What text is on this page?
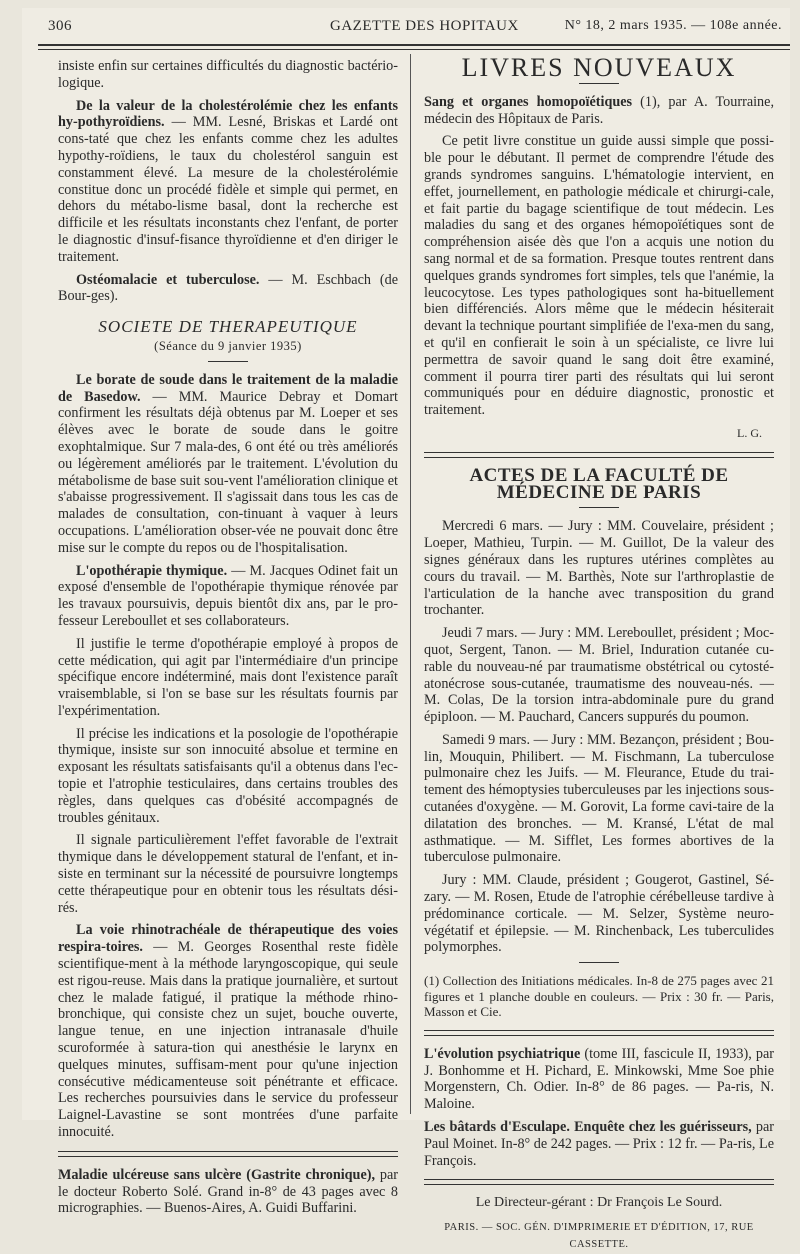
306	GAZETTE DES HOPITAUX	N° 18, 2 mars 1935. — 108e année.

insiste enfin sur certaines difficultés du diagnostic bactério-logique.

De la valeur de la cholestérolémie chez les enfants hy-pothyroïdiens. — MM. Lesné, Briskas et Lardé ont cons-taté que chez les enfants comme chez les adultes hypothy-roïdiens, le taux du cholestérol sanguin est constamment élevé. La mesure de la cholestérolémie constitue donc un procédé fidèle et simple qui permet, en dehors du métabo-lisme basal, dont la recherche est difficile et les résultats inconstants chez l'enfant, de porter le diagnostic d'insuf-fisance thyroïdienne et d'en diriger le traitement.

Ostéomalacie et tuberculose. — M. Eschbach (de Bour-ges).

SOCIETE DE THERAPEUTIQUE
(Séance du 9 janvier 1935)

Le borate de soude dans le traitement de la maladie de Basedow. — MM. Maurice Debray et Domart confirment les résultats déjà obtenus par M. Loeper et ses élèves avec le borate de soude dans le goitre exophtalmique. Sur 7 mala-des, 6 ont été ou très améliorés ou légèrement améliorés par le traitement. L'évolution du métabolisme de base suit sou-vent l'amélioration clinique et s'abaisse progressivement. Il s'agissait dans tous les cas de malades de consultation, con-tinuant à vaquer à leurs occupations. L'amélioration obser-vée ne pouvait donc être mise sur le compte du repos ou de l'hospitalisation.

L'opothérapie thymique. — M. Jacques Odinet fait un exposé d'ensemble de l'opothérapie thymique rénovée par les travaux poursuivis, depuis bientôt dix ans, par le pro-fesseur Lereboullet et ses collaborateurs.

Il justifie le terme d'opothérapie employé à propos de cette médication, qui agit par l'intermédiaire d'un principe spécifique encore indéterminé, mais dont l'existence paraît vraisemblable, si l'on se base sur les résultats fournis par l'expérimentation.

Il précise les indications et la posologie de l'opothérapie thymique, insiste sur son innocuité absolue et termine en exposant les résultats satisfaisants qu'il a obtenus dans l'ec-topie et l'atrophie testiculaires, dans certains troubles des règles, dans quelques cas d'obésité accompagnés de troubles génitaux.

Il signale particulièrement l'effet favorable de l'extrait thymique dans le développement statural de l'enfant, et in-siste en terminant sur la nécessité de poursuivre longtemps cette thérapeutique pour en obtenir tous les résultats dési-rés.

La voie rhinotrachéale de thérapeutique des voies respira-toires. — M. Georges Rosenthal reste fidèle scientifique-ment à la méthode laryngoscopique, qui seule est rigou-reuse. Mais dans la pratique journalière, et surtout chez le malade fatigué, il pratique la méthode rhino-bronchique, qui consiste chez un sujet, bouche ouverte, langue tenue, en une injection intranasale d'huile scuroformée à satura-tion qui anesthésie le larynx en quelques minutes, suffisam-ment pour qu'une injection consécutive médicamenteuse soit pénétrante et efficace. Les recherches poursuivies dans le service du professeur Laignel-Lavastine se sont montrées d'une parfaite innocuité.

Maladie ulcéreuse sans ulcère (Gastrite chronique), par le docteur Roberto Solé. Grand in-8° de 43 pages avec 8 micrographies. — Buenos-Aires, A. Guidi Buffarini.

LIVRES NOUVEAUX

Sang et organes homopoïétiques (1), par A. Tourraine, médecin des Hôpitaux de Paris.

Ce petit livre constitue un guide aussi simple que possi-ble pour le débutant. Il permet de comprendre l'étude des grands syndromes sanguins. L'hématologie intervient, en effet, journellement, en pathologie médicale et chirurgi-cale, et fait partie du bagage scientifique de tout médecin. Les maladies du sang et des organes hémopoïétiques sont de compréhension aisée dès que l'on a acquis une notion du sang normal et de sa formation. Presque toutes rentrent dans quelques grands syndromes fort simples, tels que l'anémie, la leucocytose. Les types pathologiques sont ha-bituellement bien différenciés. Alors même que le médecin hésiterait devant la technique pourtant simplifiée de l'exa-men du sang, et qu'il en confierait le soin à un spécialiste, ce livre lui permettra de savoir quand le sang doit être examiné, comment il pourra tirer parti des résultats qui lui seront communiqués pour en déduire diagnostic, pronostic et traitement.

L. G.
ACTES DE LA FACULTÉ DE MÉDECINE DE PARIS

Mercredi 6 mars. — Jury : MM. Couvelaire, président ; Loeper, Mathieu, Turpin. — M. Guillot, De la valeur des signes généraux dans les ruptures utérines complètes au cours du travail. — M. Barthès, Note sur l'arthroplastie de l'articulation de la hanche avec transposition du grand trochanter.

Jeudi 7 mars. — Jury : MM. Lereboullet, président ; Moc-quot, Sergent, Tanon. — M. Briel, Induration cutanée cu-rable du nouveau-né par traumatisme obstétrical ou cytosté-atonécrose sous-cutanée, traumatisme des nouveau-nés. — M. Colas, De la torsion intra-abdominale pure du grand épiploon. — M. Pauchard, Cancers suppurés du poumon.

Samedi 9 mars. — Jury : MM. Bezançon, président ; Bou-lin, Mouquin, Philibert. — M. Fischmann, La tuberculose pulmonaire chez les Juifs. — M. Fleurance, Etude du trai-tement des hémoptysies tuberculeuses par les injections sous-cutanées d'oxygène. — M. Gorovit, La forme cavi-taire de la dilatation des bronches. — M. Kransé, L'état de mal asthmatique. — M. Sifflet, Les formes abortives de la tuberculose pulmonaire.

Jury : MM. Claude, président ; Gougerot, Gastinel, Sé-zary. — M. Rosen, Etude de l'atrophie cérébelleuse tardive à prédominance corticale. — M. Selzer, Système neuro-végétatif et épilepsie. — M. Rinchenback, Les tuberculides polymorphes.

(1) Collection des Initiations médicales. In-8 de 275 pages avec 21 figures et 1 planche double en couleurs. — Prix : 30 fr. — Paris, Masson et Cie.

L'évolution psychiatrique (tome III, fascicule II, 1933), par J. Bonhomme et H. Pichard, E. Minkowski, Mme Soe phie Morgenstern, Ch. Odier. In-8° de 86 pages. — Pa-ris, N. Maloine.

Les bâtards d'Esculape. Enquête chez les guérisseurs, par Paul Moinet. In-8° de 242 pages. — Prix : 12 fr. — Pa-ris, Le François.

Le Directeur-gérant : Dr François Le Sourd.
PARIS. — SOC. GÉN. D'IMPRIMERIE ET D'ÉDITION, 17, RUE CASSETTE.
